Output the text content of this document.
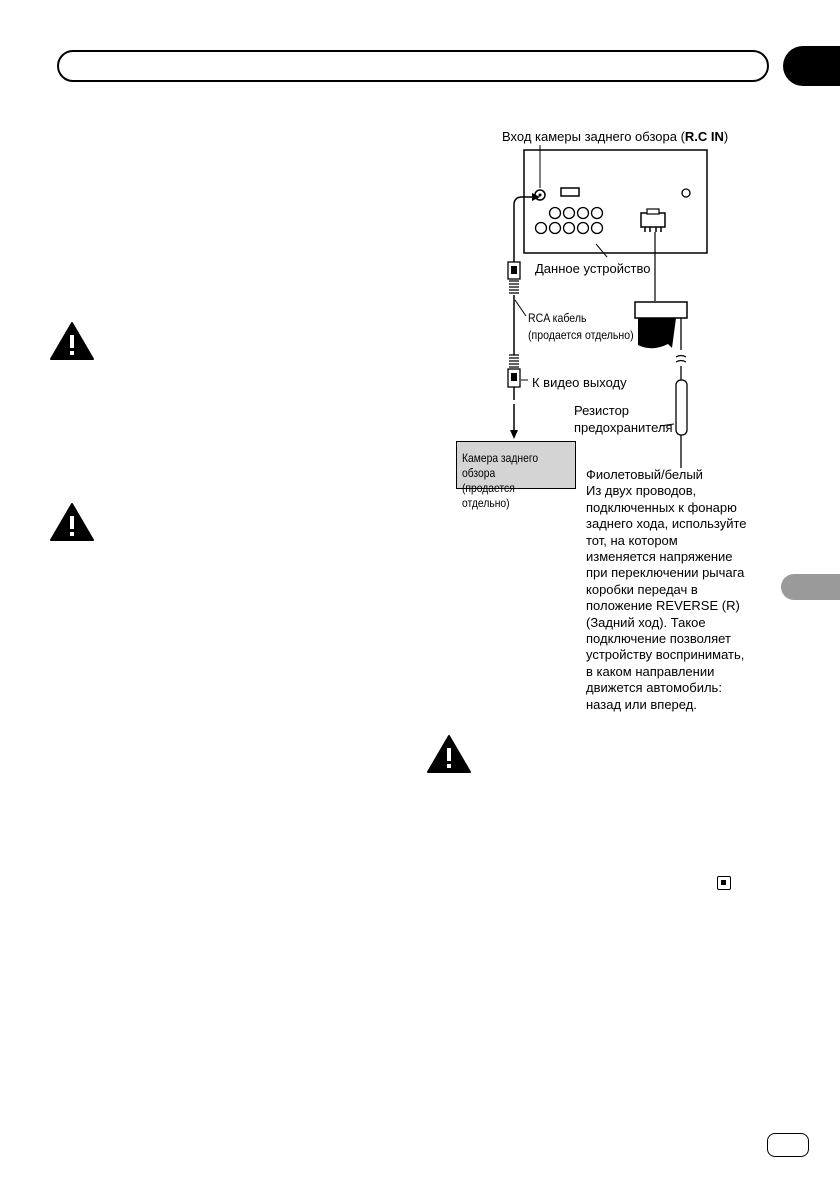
Вход камеры заднего обзора (R.C IN)
Данное устройство
RCA кабель
(продается отдельно)
К видео выходу
Резистор
предохранителя
Камера заднего обзора
(продается отдельно)
Фиолетовый/белый
Из двух проводов,
подключенных к фонарю
заднего хода, используйте
тот, на котором
изменяется напряжение
при переключении рычага
коробки передач в
положение REVERSE (R)
(Задний ход). Такое
подключение позволяет
устройству воспринимать,
в каком направлении
движется автомобиль:
назад или вперед.
